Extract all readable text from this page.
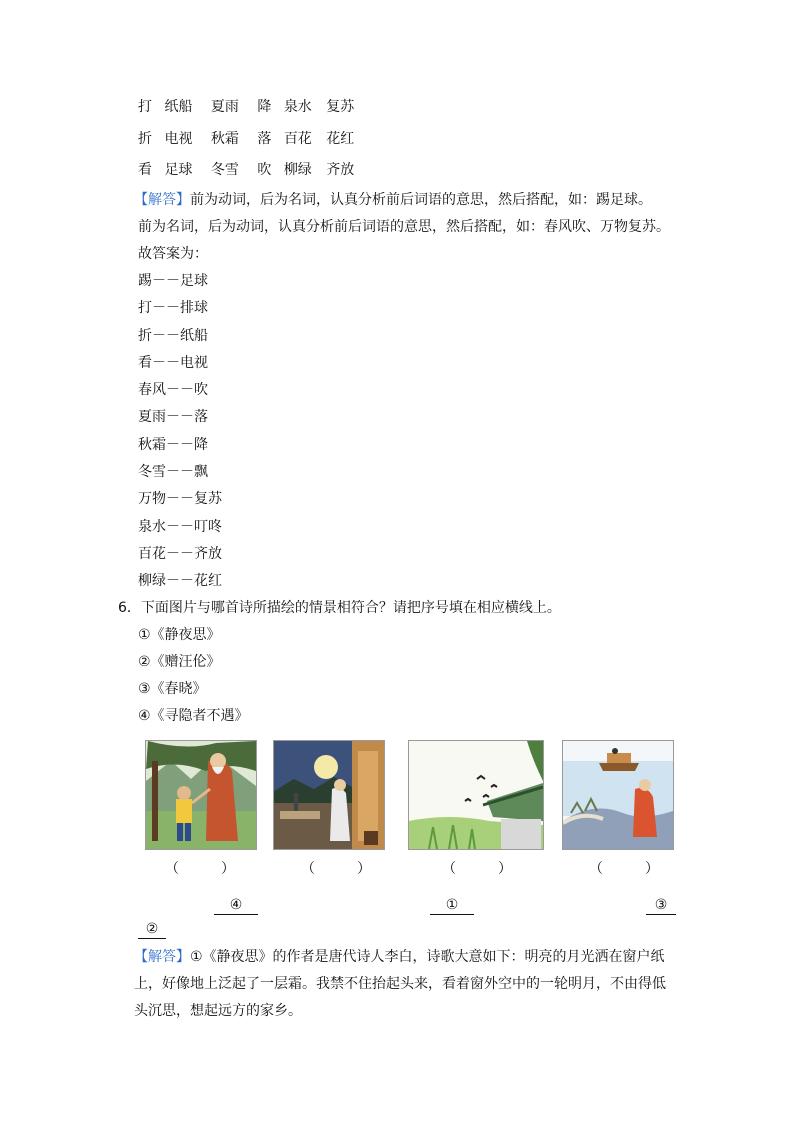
打 纸船 夏雨 降 泉水 复苏
折 电视 秋霜 落 百花 花红
看 足球 冬雪 吹 柳绿 齐放
【解答】前为动词，后为名词，认真分析前后词语的意思，然后搭配，如：踢足球。
前为名词，后为动词，认真分析前后词语的意思，然后搭配，如：春风吹、万物复苏。
故答案为：
踢－－足球
打－－排球
折－－纸船
看－－电视
春风－－吹
夏雨－－落
秋霜－－降
冬雪－－飘
万物－－复苏
泉水－－叮咚
百花－－齐放
柳绿－－花红
6．下面图片与哪首诗所描绘的情景相符合？请把序号填在相应横线上。
①《静夜思》
②《赠汪伦》
③《春晓》
④《寻隐者不遇》
（　　　）	（　　　）	（　　　）	（　　　）
④	①	③
②
【解答】①《静夜思》的作者是唐代诗人李白，诗歌大意如下：明亮的月光洒在窗户纸上，好像地上泛起了一层霜。我禁不住抬起头来，看着窗外空中的一轮明月，不由得低头沉思，想起远方的家乡。
